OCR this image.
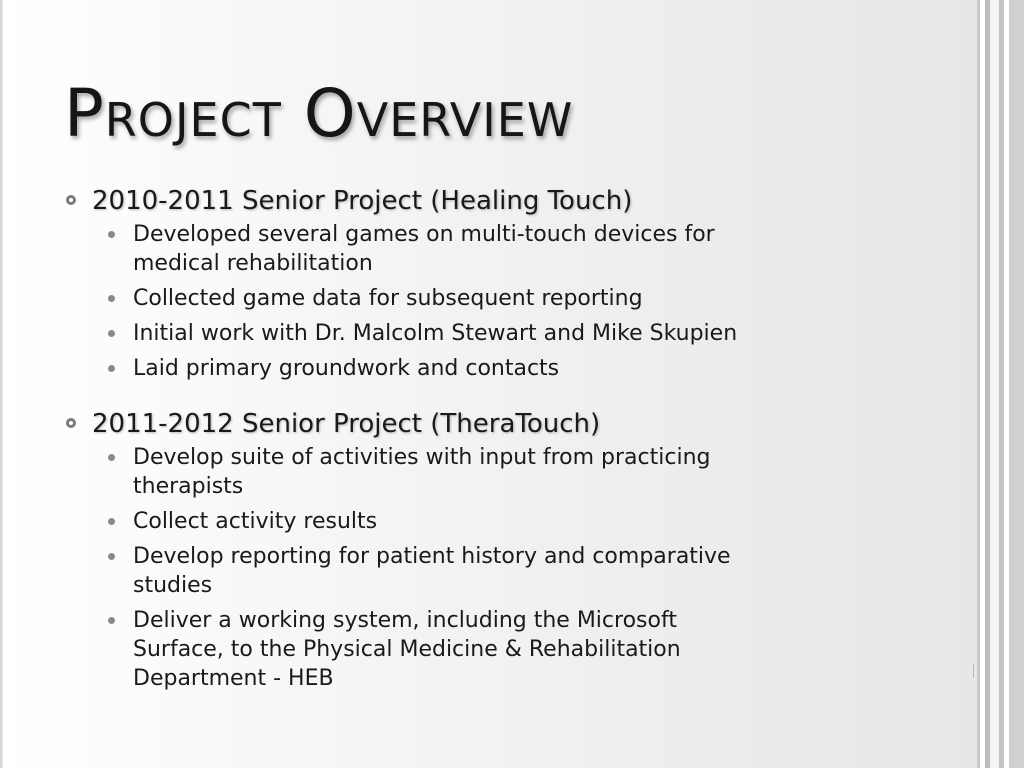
Project Overview
2010-2011 Senior Project (Healing Touch)
Developed several games on multi-touch devices for
medical rehabilitation
Collected game data for subsequent reporting
Initial work with Dr. Malcolm Stewart and Mike Skupien
Laid primary groundwork and contacts
2011-2012 Senior Project (TheraTouch)
Develop suite of activities with input from practicing
therapists
Collect activity results
Develop reporting for patient history and comparative
studies
Deliver a working system, including the Microsoft
Surface, to the Physical Medicine & Rehabilitation
Department - HEB
